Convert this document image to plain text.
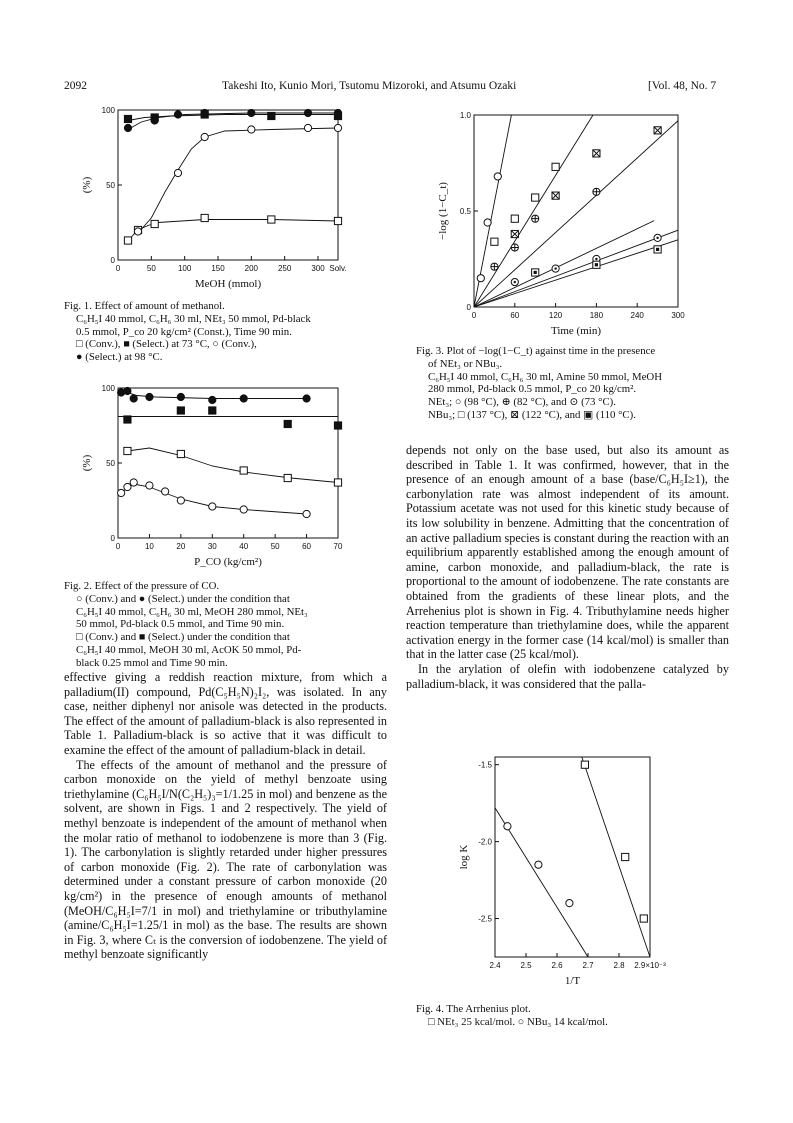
2092	Takeshi Ito, Kunio Mori, Tsutomu Mizoroki, and Atsumu Ozaki	[Vol. 48, No. 7
0	50	100 150 200 250 300 Solv.
0
50
100
MeOH (mmol)
(%)
Fig. 1. Effect of amount of methanol.
C₆H₅I 40 mmol, C₆H₆ 30 ml, NEt₃ 50 mmol, Pd-black
0.5 mmol, P_co 20 kg/cm² (Const.), Time 90 min.
□ (Conv.), ■ (Select.) at 73 °C, ○ (Conv.),
● (Select.) at 98 °C.
0	10	20	30	40	50	60	70
0
50
100
P_CO (kg/cm²)
(%)
Fig. 2. Effect of the pressure of CO.
○ (Conv.) and ● (Select.) under the condition that
C₆H₅I 40 mmol, C₆H₆ 30 ml, MeOH 280 mmol, NEt₃
50 mmol, Pd-black 0.5 mmol, and Time 90 min.
□ (Conv.) and ■ (Select.) under the condition that
C₆H₅I 40 mmol, MeOH 30 ml, AcOK 50 mmol, Pd-
black 0.25 mmol and Time 90 min.

effective giving a reddish reaction mixture, from which a palladium(II) compound, Pd(C₅H₅N)₂I₂, was isolated. In any case, neither diphenyl nor anisole was detected in the products. The effect of the amount of palladium-black is also represented in Table 1. Palladium-black is so active that it was difficult to examine the effect of the amount of palladium-black in detail.

The effects of the amount of methanol and the pressure of carbon monoxide on the yield of methyl benzoate using triethylamine (C₆H₅I/N(C₂H₅)₃=1/1.25 in mol) and benzene as the solvent, are shown in Figs. 1 and 2 respectively. The yield of methyl benzoate is independent of the amount of methanol when the molar ratio of methanol to iodobenzene is more than 3 (Fig. 1). The carbonylation is slightly retarded under higher pressures of carbon monoxide (Fig. 2). The rate of carbonylation was determined under a constant pressure of carbon monoxide (20 kg/cm²) in the presence of enough amounts of methanol (MeOH/C₆H₅I=7/1 in mol) and triethylamine or tributhylamine (amine/C₆H₅I=1.25/1 in mol) as the base. The results are shown in Fig. 3, where Cₜ is the conversion of iodobenzene. The yield of methyl benzoate significantly

0	60	120	180	240	300
0
0.5
1.0
Time (min)
−log (1−C_t)
Fig. 3. Plot of −log(1−C_t) against time in the presence
of NEt₃ or NBu₃.
C₆H₅I 40 mmol, C₆H₆ 30 ml, Amine 50 mmol, MeOH
280 mmol, Pd-black 0.5 mmol, P_co 20 kg/cm².
NEt₃; ○ (98 °C), ⊕ (82 °C), and ⊙ (73 °C).
NBu₃; □ (137 °C), ⊠ (122 °C), and ▣ (110 °C).

depends not only on the base used, but also its amount as described in Table 1. It was confirmed, however, that in the presence of an enough amount of a base (base/C₆H₅I≥1), the carbonylation rate was almost independent of its amount. Potassium acetate was not used for this kinetic study because of its low solubility in benzene. Admitting that the concentration of an active palladium species is constant during the reaction with an equilibrium apparently established among the enough amount of amine, carbon monoxide, and palladium-black, the rate is proportional to the amount of iodobenzene. The rate constants are obtained from the gradients of these linear plots, and the Arrehenius plot is shown in Fig. 4. Tributhylamine needs higher reaction temperature than triethylamine does, while the apparent activation energy in the former case (14 kcal/mol) is smaller than that in the latter case (25 kcal/mol).

In the arylation of olefin with iodobenzene catalyzed by palladium-black, it was considered that the palla-

2.4 2.5 2.6 2.7 2.8 2.9×10⁻³
-1.5
-2.0
-2.5
1/T
log K
Fig. 4. The Arrhenius plot.
□ NEt₃ 25 kcal/mol. ○ NBu₃ 14 kcal/mol.
